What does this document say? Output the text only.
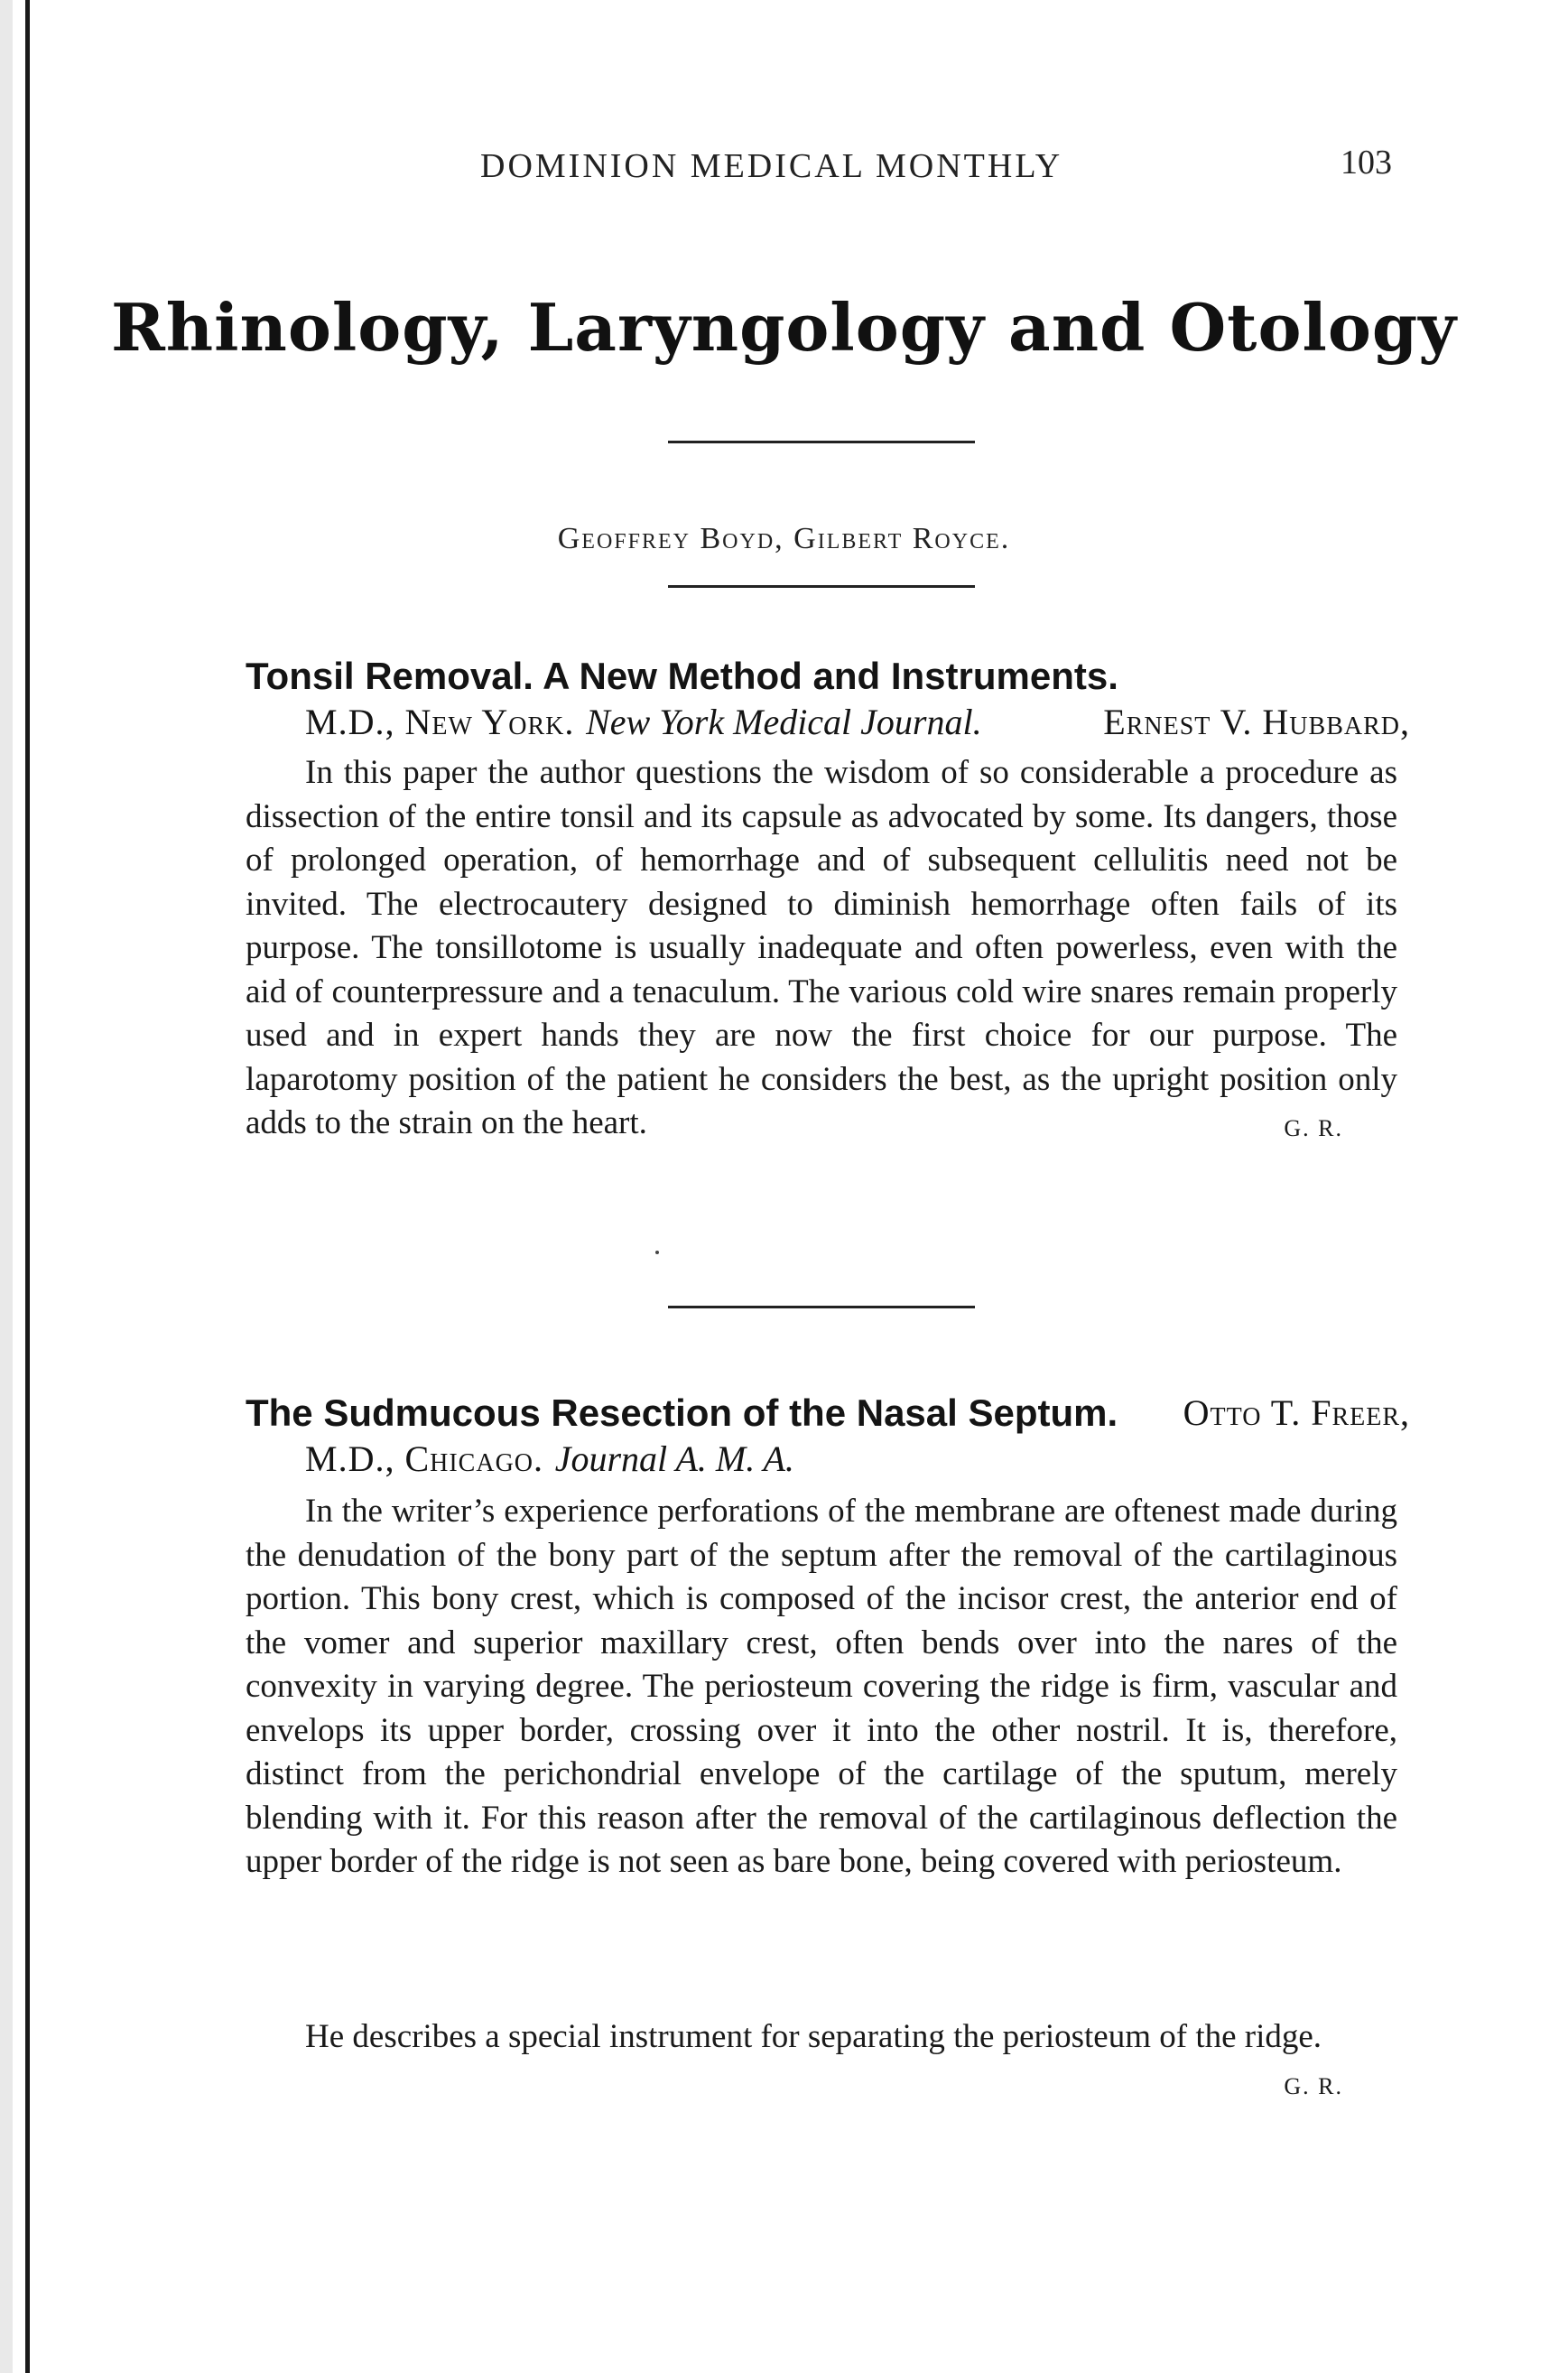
DOMINION MEDICAL MONTHLY	103
Rhinology, Laryngology and Otology
Geoffrey Boyd, Gilbert Royce.
Tonsil Removal. A New Method and Instruments.
Ernest V. Hubbard,
M.D., New York. New York Medical Journal.
In this paper the author questions the wisdom of so considerable a procedure as dissection of the entire tonsil and its capsule as advocated by some. Its dangers, those of prolonged operation, of hemorrhage and of subsequent cellulitis need not be invited. The electrocautery designed to diminish hemorrhage often fails of its purpose. The tonsillotome is usually inadequate and often powerless, even with the aid of counterpressure and a tenaculum. The various cold wire snares remain properly used and in expert hands they are now the first choice for our purpose. The laparotomy position of the patient he considers the best, as the upright position only adds to the strain on the heart.	G. R.
The Sudmucous Resection of the Nasal Septum. Otto T. Freer,
M.D., Chicago. Journal A. M. A.
In the writer’s experience perforations of the membrane are oftenest made during the denudation of the bony part of the septum after the removal of the cartilaginous portion. This bony crest, which is composed of the incisor crest, the anterior end of the vomer and superior maxillary crest, often bends over into the nares of the convexity in varying degree. The periosteum covering the ridge is firm, vascular and envelops its upper border, crossing over it into the other nostril. It is, therefore, distinct from the perichondrial envelope of the cartilage of the sputum, merely blending with it. For this reason after the removal of the cartilaginous deflection the upper border of the ridge is not seen as bare bone, being covered with periosteum.
He describes a special instrument for separating the periosteum of the ridge.
G. R.
